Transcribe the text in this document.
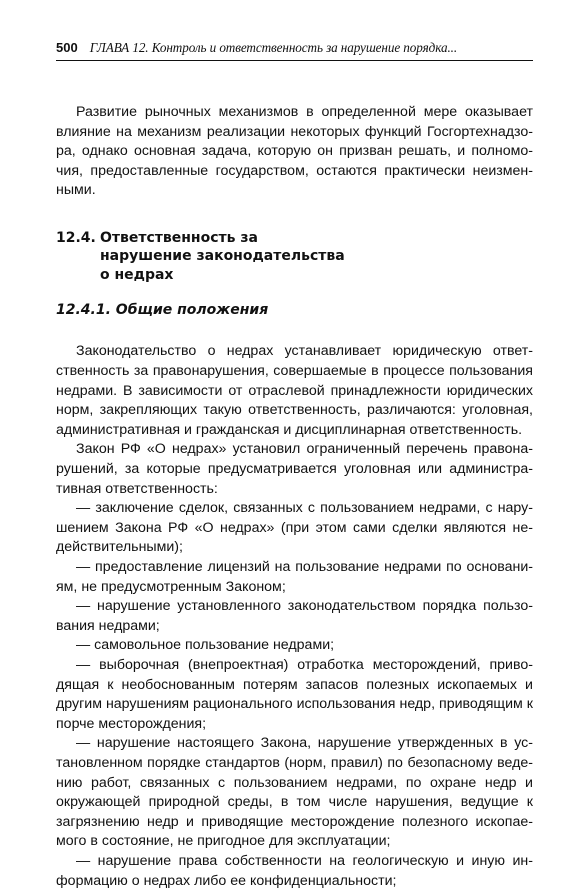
500 ГЛАВА 12. Контроль и ответственность за нарушение порядка...

Развитие рыночных механизмов в определенной мере оказывает влияние на механизм реализации некоторых функций Госгортехнадзора, однако основная задача, которую он призван решать, и полномочия, предоставленные государством, остаются практически неизменными.

12.4. Ответственность за нарушение законодательства о недрах
12.4.1. Общие положения

Законодательство о недрах устанавливает юридическую ответственность за правонарушения, совершаемые в процессе пользования недрами. В зависимости от отраслевой принадлежности юридических норм, закрепляющих такую ответственность, различаются: уголовная, административная и гражданская и дисциплинарная ответственность.

Закон РФ «О недрах» установил ограниченный перечень правонарушений, за которые предусматривается уголовная или административная ответственность:

— заключение сделок, связанных с пользованием недрами, с нарушением Закона РФ «О недрах» (при этом сами сделки являются недействительными);

— предоставление лицензий на пользование недрами по основаниям, не предусмотренным Законом;

— нарушение установленного законодательством порядка пользования недрами;

— самовольное пользование недрами;

— выборочная (внепроектная) отработка месторождений, приводящая к необоснованным потерям запасов полезных ископаемых и другим нарушениям рационального использования недр, приводящим к порче месторождения;

— нарушение настоящего Закона, нарушение утвержденных в установленном порядке стандартов (норм, правил) по безопасному ведению работ, связанных с пользованием недрами, по охране недр и окружающей природной среды, в том числе нарушения, ведущие к загрязнению недр и приводящие месторождение полезного ископаемого в состояние, не пригодное для эксплуатации;

— нарушение права собственности на геологическую и иную информацию о недрах либо ее конфиденциальности;
